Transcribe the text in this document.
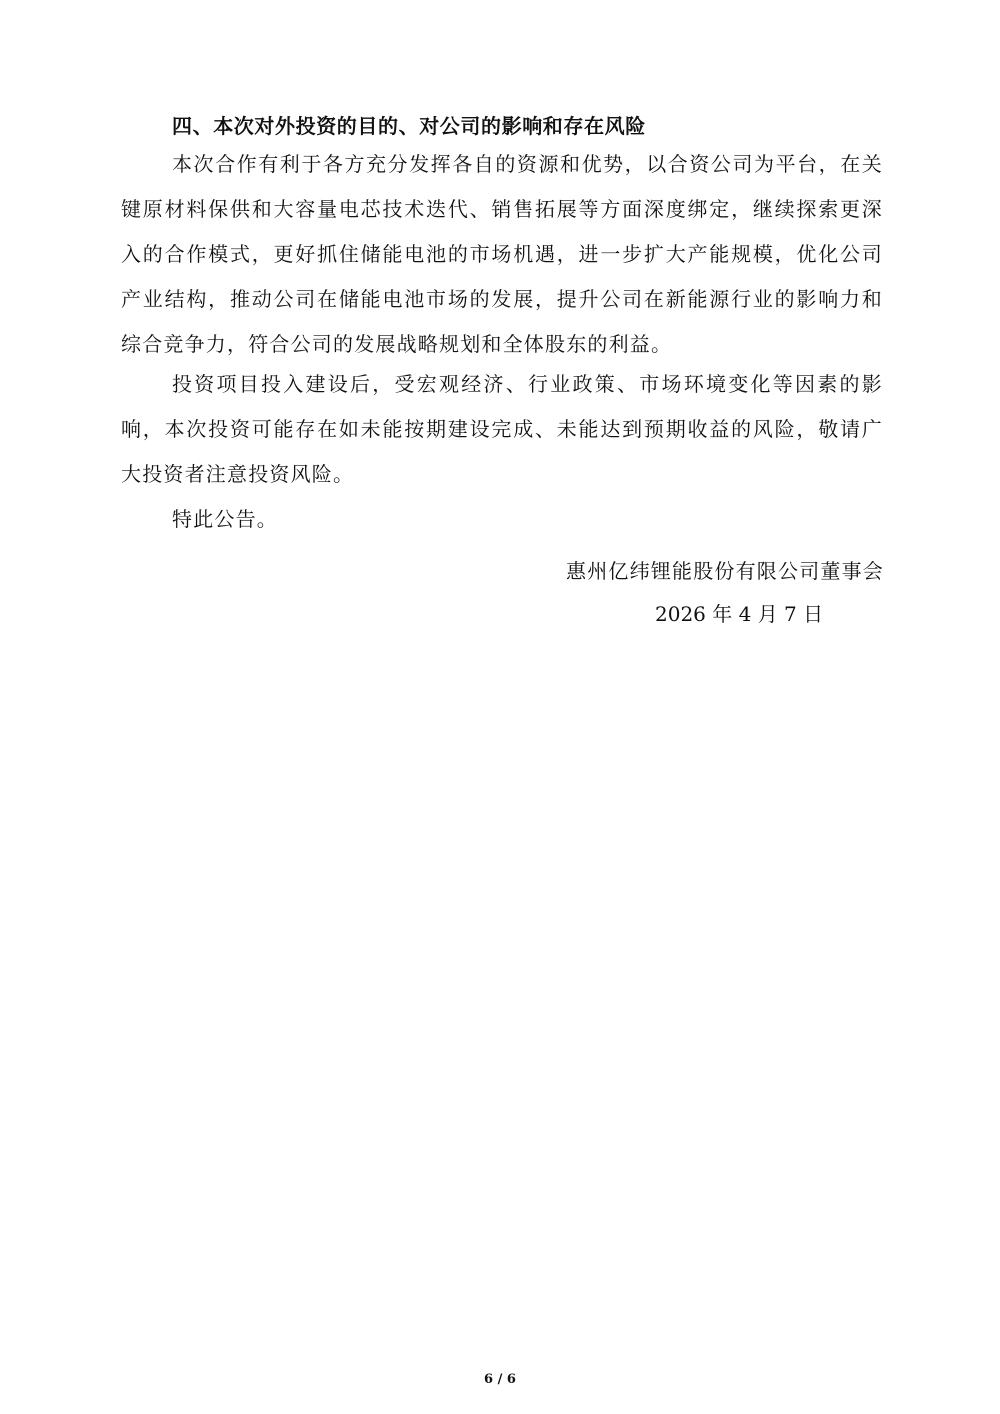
四、本次对外投资的目的、对公司的影响和存在风险

本次合作有利于各方充分发挥各自的资源和优势，以合资公司为平台，在关键原材料保供和大容量电芯技术迭代、销售拓展等方面深度绑定，继续探索更深入的合作模式，更好抓住储能电池的市场机遇，进一步扩大产能规模，优化公司产业结构，推动公司在储能电池市场的发展，提升公司在新能源行业的影响力和综合竞争力，符合公司的发展战略规划和全体股东的利益。

投资项目投入建设后，受宏观经济、行业政策、市场环境变化等因素的影响，本次投资可能存在如未能按期建设完成、未能达到预期收益的风险，敬请广大投资者注意投资风险。

特此公告。

惠州亿纬锂能股份有限公司董事会
2026 年 4 月 7 日
6 / 6
